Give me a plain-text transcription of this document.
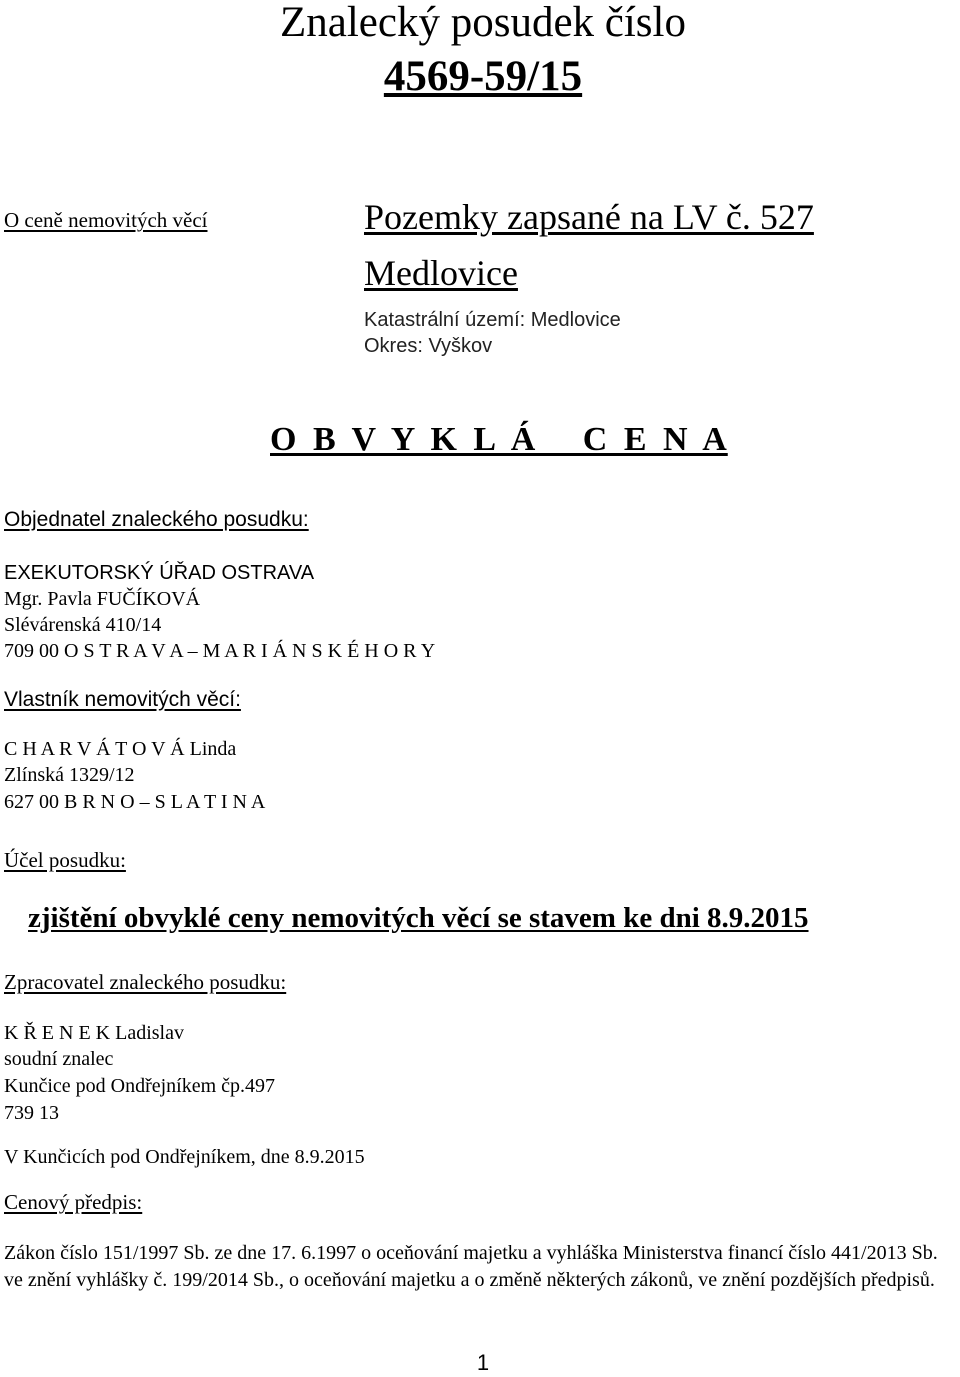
Znalecký posudek číslo
4569-59/15
O ceně nemovitých věcí	Pozemky zapsané na LV č. 527
Medlovice
Katastrální území: Medlovice
Okres: Vyškov
O B V Y K L Á   C E N A
Objednatel znaleckého posudku:
EXEKUTORSKÝ ÚŘAD OSTRAVA
Mgr. Pavla FUČÍKOVÁ
Slévárenská 410/14
709 00 O S T R A V A – M A R I Á N S K É H O R Y
Vlastník nemovitých věcí:
C H A R V Á T O V Á Linda
Zlínská 1329/12
627 00 B R N O – S L A T I N A
Účel posudku:
zjištění obvyklé ceny nemovitých věcí se stavem ke dni 8.9.2015
Zpracovatel znaleckého posudku:
K Ř E N E K Ladislav
soudní znalec
Kunčice pod Ondřejníkem čp.497
739 13
V Kunčicích pod Ondřejníkem, dne 8.9.2015
Cenový předpis:
Zákon číslo 151/1997 Sb. ze dne 17. 6.1997 o oceňování majetku a vyhláška Ministerstva financí číslo 441/2013 Sb. ve znění vyhlášky č. 199/2014 Sb., o oceňování majetku a o změně některých zákonů, ve znění pozdějších předpisů.
1
